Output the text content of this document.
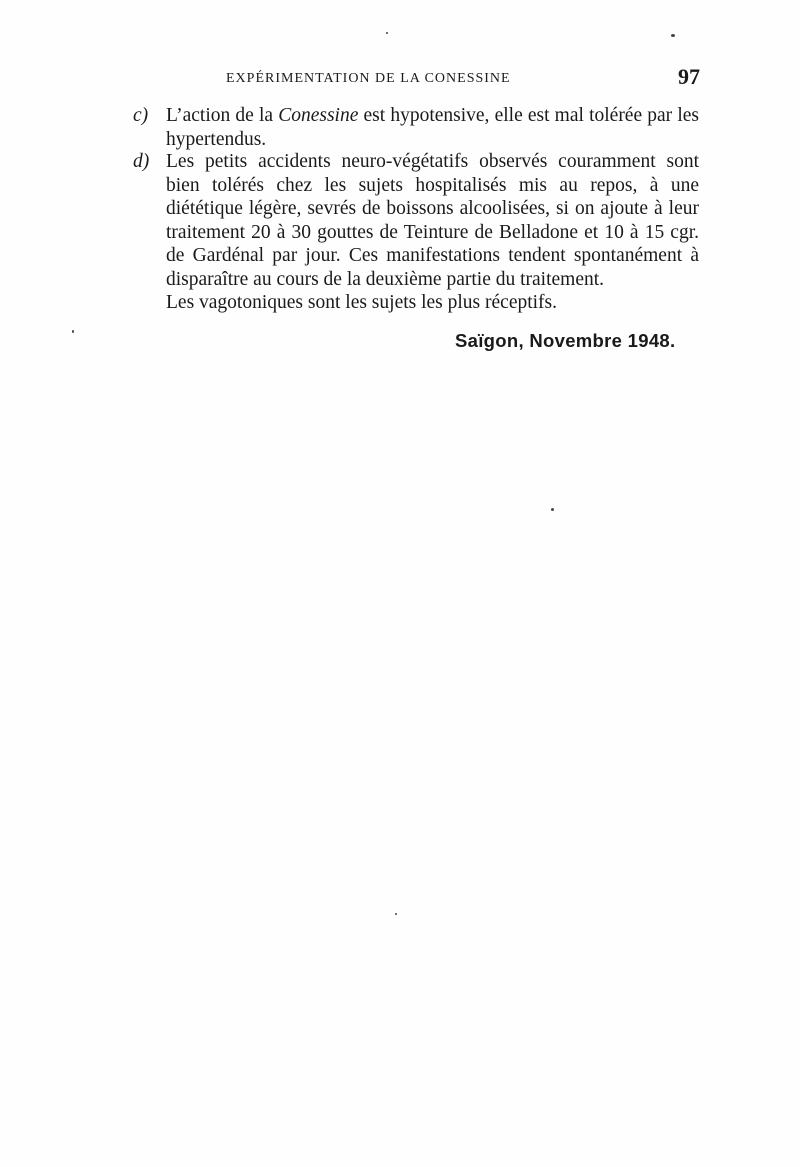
EXPÉRIMENTATION DE LA CONESSINE	97
c) L’action de la Conessine est hypotensive, elle est mal tolérée par les hypertendus.
d) Les petits accidents neuro-végétatifs observés couramment sont bien tolérés chez les sujets hospitalisés mis au repos, à une diététique légère, sevrés de boissons alcoolisées, si on ajoute à leur traitement 20 à 30 gouttes de Teinture de Belladone et 10 à 15 cgr. de Gardénal par jour. Ces manifestations tendent spontanément à disparaître au cours de la deuxième partie du traitement.
Les vagotoniques sont les sujets les plus réceptifs.
Saïgon, Novembre 1948.
